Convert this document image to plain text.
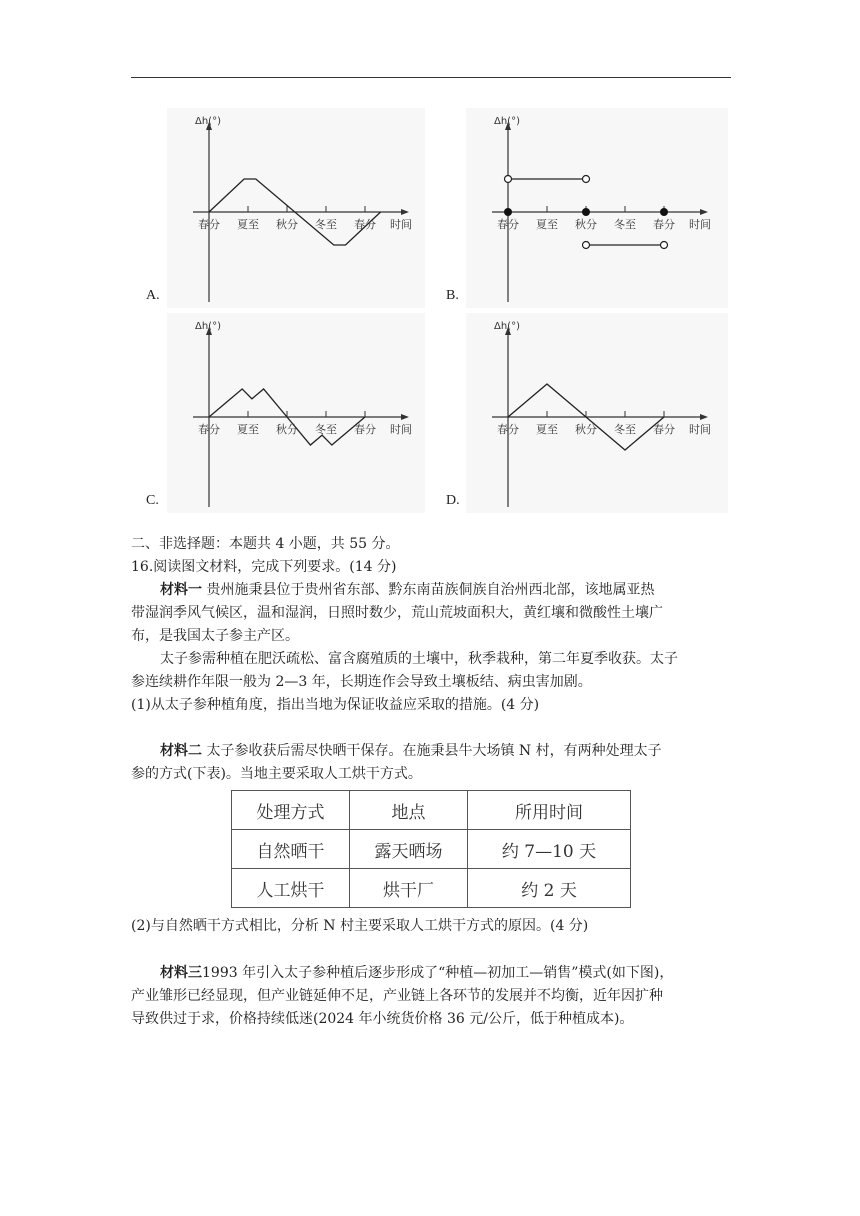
Δh(°)
春分 夏至 秋分 冬至 春分 时间
A.
Δh(°)
春分 夏至 秋分 冬至 春分 时间
B.
Δh(°)
春分 夏至 秋分 冬至 春分 时间
C.
Δh(°)
春分 夏至 秋分 冬至 春分 时间
D.
二、非选择题：本题共 4 小题，共 55 分。
16.阅读图文材料，完成下列要求。(14 分)
材料一 贵州施秉县位于贵州省东部、黔东南苗族侗族自治州西北部，该地属亚热
带湿润季风气候区，温和湿润，日照时数少，荒山荒坡面积大，黄红壤和微酸性土壤广
布，是我国太子参主产区。
太子参需种植在肥沃疏松、富含腐殖质的土壤中，秋季栽种，第二年夏季收获。太子
参连续耕作年限一般为 2—3 年，长期连作会导致土壤板结、病虫害加剧。
(1)从太子参种植角度，指出当地为保证收益应采取的措施。(4 分)
材料二 太子参收获后需尽快晒干保存。在施秉县牛大场镇 N 村，有两种处理太子
参的方式(下表)。当地主要采取人工烘干方式。
处理方式	地点	所用时间
自然晒干	露天晒场	约 7—10 天
人工烘干	烘干厂	约 2 天
(2)与自然晒干方式相比，分析 N 村主要采取人工烘干方式的原因。(4 分)
材料三1993 年引入太子参种植后逐步形成了“种植—初加工—销售”模式(如下图)，
产业雏形已经显现，但产业链延伸不足，产业链上各环节的发展并不均衡，近年因扩种
导致供过于求，价格持续低迷(2024 年小统货价格 36 元/公斤，低于种植成本)。
